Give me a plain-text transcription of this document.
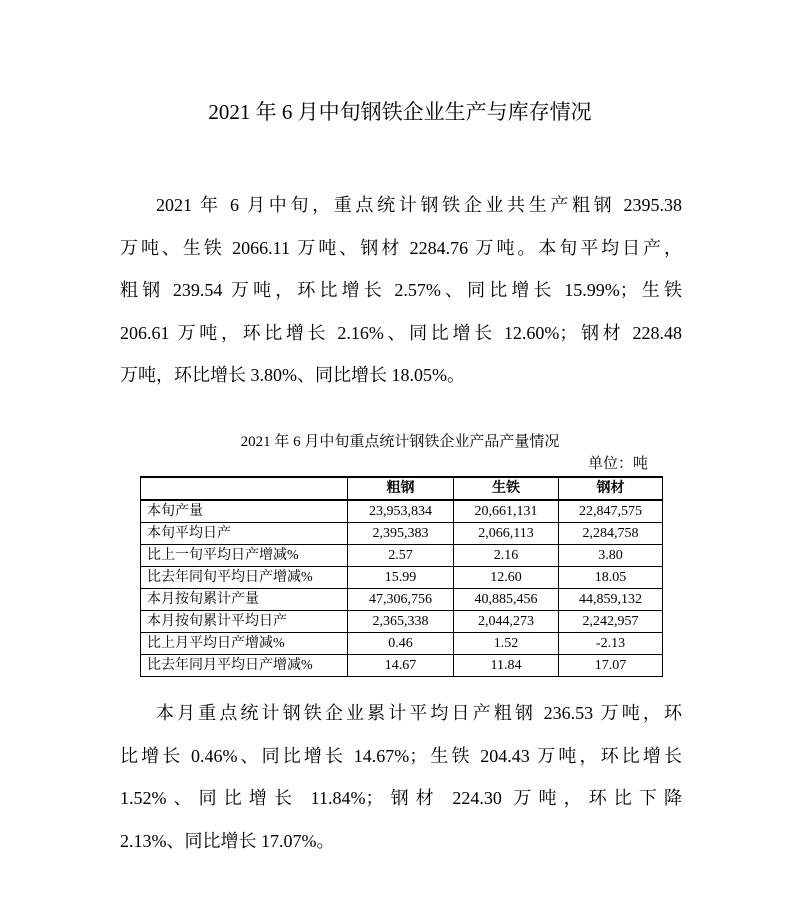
2021 年 6 月中旬钢铁企业生产与库存情况
2021 年 6 月中旬，重点统计钢铁企业共生产粗钢 2395.38
万吨、生铁 2066.11 万吨、钢材 2284.76 万吨。本旬平均日产，
粗钢 239.54 万吨，环比增长 2.57%、同比增长 15.99%；生铁
206.61 万吨，环比增长 2.16%、同比增长 12.60%；钢材 228.48
万吨，环比增长 3.80%、同比增长 18.05%。
2021 年 6 月中旬重点统计钢铁企业产品产量情况
单位：吨
	粗钢	生铁	钢材
本旬产量	23,953,834	20,661,131	22,847,575
本旬平均日产	2,395,383	2,066,113	2,284,758
比上一旬平均日产增减%	2.57	2.16	3.80
比去年同旬平均日产增减%	15.99	12.60	18.05
本月按旬累计产量	47,306,756	40,885,456	44,859,132
本月按旬累计平均日产	2,365,338	2,044,273	2,242,957
比上月平均日产增减%	0.46	1.52	-2.13
比去年同月平均日产增减%	14.67	11.84	17.07
本月重点统计钢铁企业累计平均日产粗钢 236.53 万吨，环
比增长 0.46%、同比增长 14.67%；生铁 204.43 万吨，环比增长
1.52%、同比增长 11.84%；钢材 224.30 万吨，环比下降
2.13%、同比增长 17.07%。
